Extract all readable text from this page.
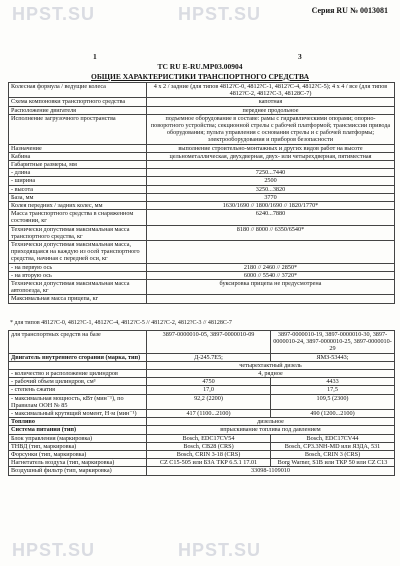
HPST.SU	HPST.SU
HPST.SU	HPST.SU
Серия RU № 0013081
1	3
TC RU E-RU.MP03.00904
ОБЩИЕ ХАРАКТЕРИСТИКИ ТРАНСПОРТНОГО СРЕДСТВА
Колесная формула / ведущие колеса	4 х 2 / задние (для типов 4812?С-0, 4812?С-1, 4812?С-4, 4812?С-5); 4 х 4 / все (для типов 4812?С-2, 4812?С-3, 48128С-7)
Схема компоновки транспортного средства	капотная
Расположение двигателя	переднее продольное
Исполнение загрузочного пространства	подъемное оборудование в составе: рамы с гидравлическими опорами; опорно-поворотного устройства; секционной стрелы с рабочей платформой; трансмиссии привода оборудования; пульта управления с основания стрелы и с рабочей платформы; электрооборудования и приборов безопасности
Назначение	выполнение строительно-монтажных и других видов работ на высоте
Кабина	цельнометаллическая, двухдверная, двух- или четырехдверная, пятиместная
Габаритные размеры, мм	
- длина	7250...7440
- ширина	2500
- высота	3250...3820
База, мм	3770
Колея передних / задних колес, мм	1630/1690 // 1800/1690 // 1820/1770*
Масса транспортного средства в снаряженном состоянии, кг	6240...7880
Технически допустимая максимальная масса транспортного средства, кг	8180 // 8000 // 6350/6540*
Технически допустимая максимальная масса, приходящаяся на каждую из осей транспортного средства, начиная с передней оси, кг	
- на первую ось	2180 // 2460 // 2850*
- на вторую ось	6000 // 5540 // 3720*
Технически допустимая максимальная масса автопоезда, кг	буксировка прицепа не предусмотрена
Максимальная масса прицепа, кг	
* для типов 4812?С-0, 4812?С-1, 4812?С-4, 4812?С-5 // 4812?С-2, 4812?С-3 // 48128С-7
для транспортных средств на базе	3897-0000010-05, 3897-0000010-09	3897-0000010-19, 3897-0000010-30, 3897-0000010-24, 3897-0000010-25, 3897-0000010-29
Двигатель внутреннего сгорания (марка, тип)	Д-245.7Е5;	ЯМЗ-53443;
	четырехтактный дизель	
- количество и расположение цилиндров	4, рядное	
- рабочий объем цилиндров, см³	4750	4433
- степень сжатия	17,0	17,5
- максимальная мощность, кВт (мин⁻¹), по Правилам ООН № 85	92,2 (2200)	109,5 (2300)
- максимальный крутящий момент, Н·м (мин⁻¹)	417 (1100...2100)	490 (1200...2100)
Топливо	дизельное	
Система питания (тип)	впрыскивание топлива под давлением	
Блок управления (маркировка)	Bosch, EDC17CV54	Bosch, EDC17CV44
ТНВД (тип, маркировка)	Bosch, CB28 (CRS)	Bosch, CP3.3NH-MD или ЯЗДА, 531
Форсунки (тип, маркировка)	Bosch, CRIN 3-18 (CRS)	Bosch, CRIN 3 (CRS)
Нагнетатель воздуха (тип, маркировка)	CZ C15-505 или БЗА ТКР 6.5.1 17.01	Borg Warner, S1B или ТКР 50 или CZ C13
Воздушный фильтр (тип, маркировка)	33098-1109010	
